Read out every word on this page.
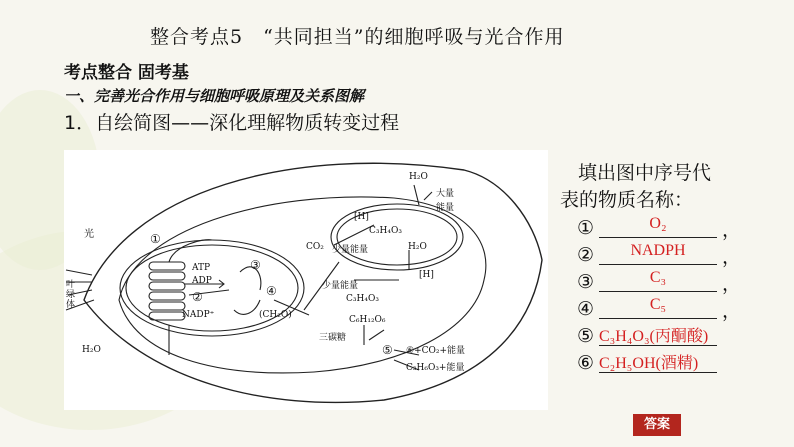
整合考点5　“共同担当”的细胞呼吸与光合作用
考点整合 固考基
一、完善光合作用与细胞呼吸原理及关系图解
1．自绘简图——深化理解物质转变过程
光
叶绿体
H₂O
ATP
ADP
NADP⁺	(CH₂O)
①
②
③
④
⑤ ⑥+CO₂+能量
C₃H₆O₃+能量
H₂O
大量
能量
[H]
C₃H₄O₃
CO₂ 少量能量	H₂O
少量能量
C₃H₄O₃
[H]
C₆H₁₂O₆
三碳糖
填出图中序号代
表的物质名称：
①	O₂	，
②	NADPH	，
③	C₃	，
④	C₅	，
⑤ C₃H₄O₃(丙酮酸)
⑥ C₂H₅OH(酒精)
答案
